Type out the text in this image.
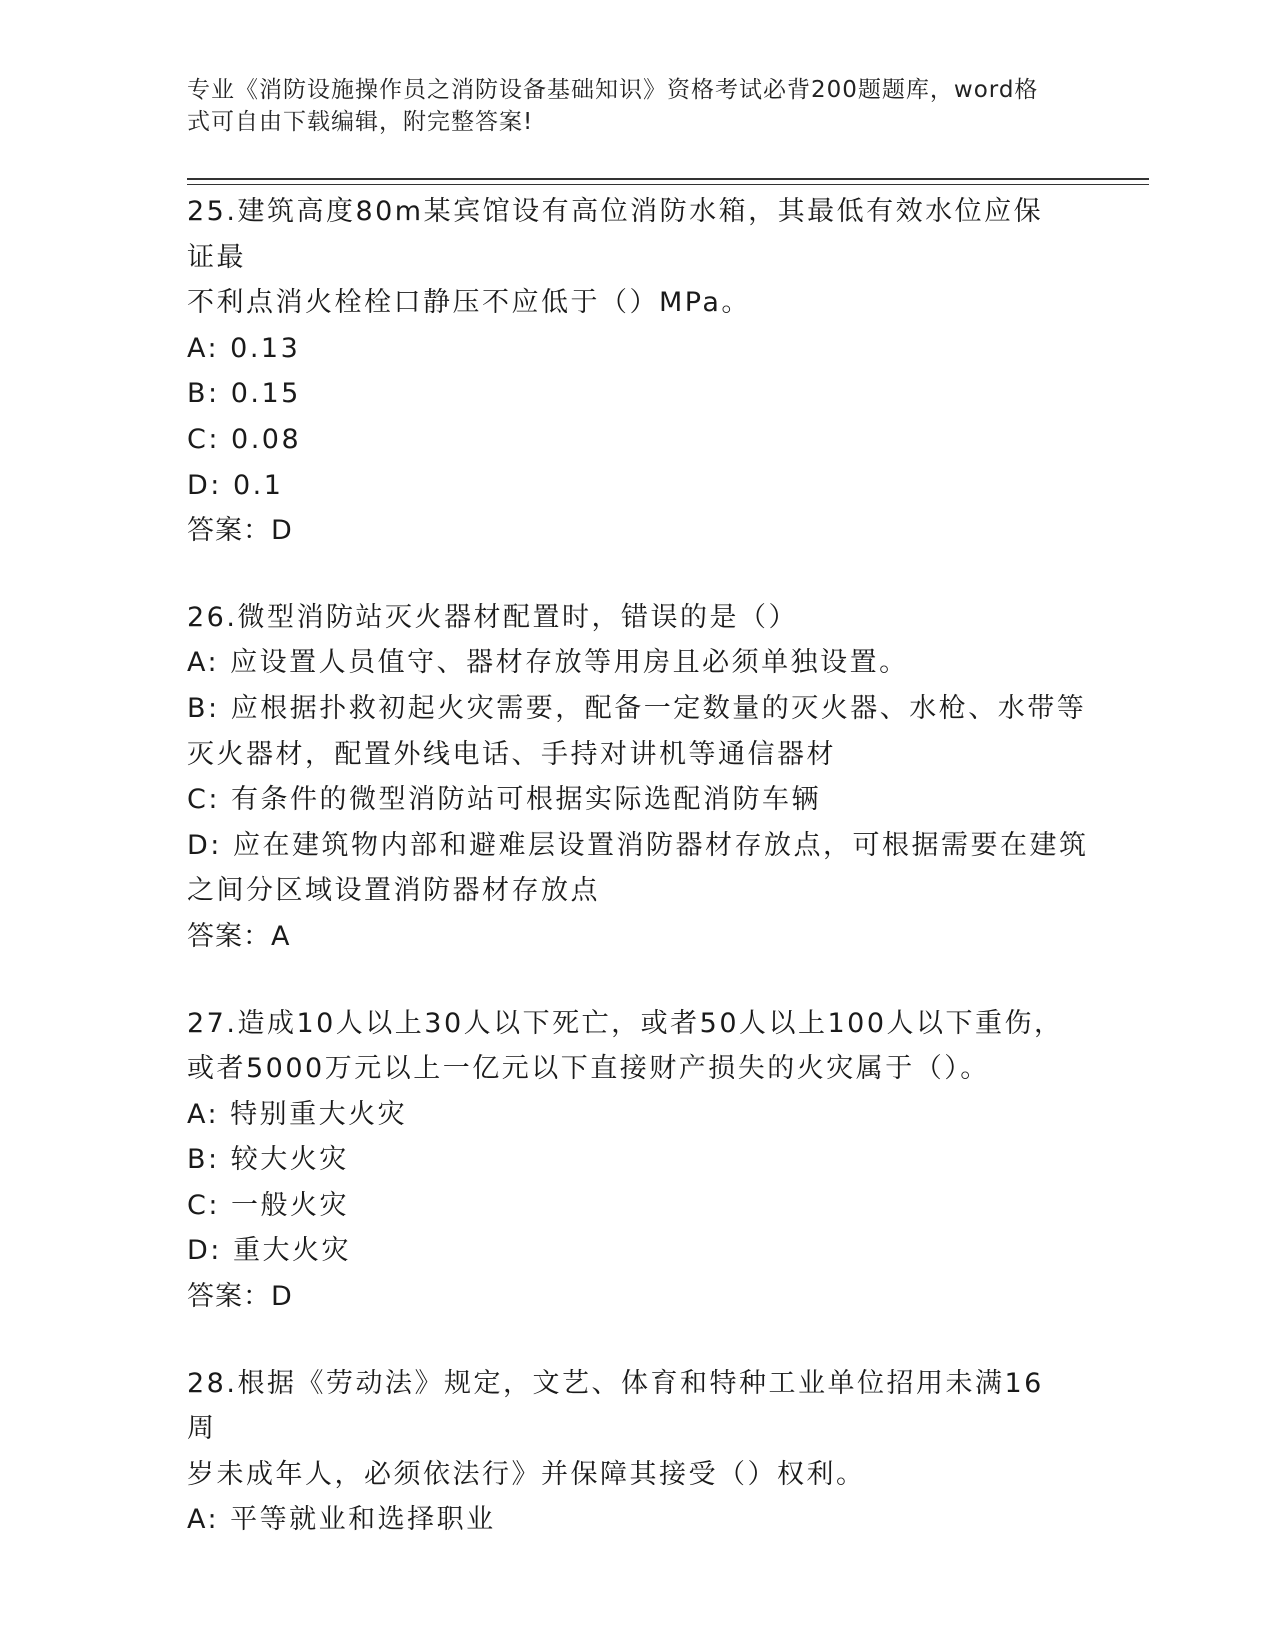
专业《消防设施操作员之消防设备基础知识》资格考试必背200题题库，word格
式可自由下载编辑，附完整答案!
25.建筑高度80m某宾馆设有高位消防水箱，其最低有效水位应保证最
不利点消火栓栓口静压不应低于（）MPa。
A: 0.13
B: 0.15
C: 0.08
D: 0.1
答案：D
26.微型消防站灭火器材配置时，错误的是（）
A: 应设置人员值守、器材存放等用房且必须单独设置。
B: 应根据扑救初起火灾需要，配备一定数量的灭火器、水枪、水带等
灭火器材，配置外线电话、手持对讲机等通信器材
C: 有条件的微型消防站可根据实际选配消防车辆
D: 应在建筑物内部和避难层设置消防器材存放点，可根据需要在建筑
之间分区域设置消防器材存放点
答案：A
27.造成10人以上30人以下死亡，或者50人以上100人以下重伤，
或者5000万元以上一亿元以下直接财产损失的火灾属于（）。
A: 特别重大火灾
B: 较大火灾
C: 一般火灾
D: 重大火灾
答案：D
28.根据《劳动法》规定，文艺、体育和特种工业单位招用未满16周
岁未成年人，必须依法行》并保障其接受（）权利。
A: 平等就业和选择职业
